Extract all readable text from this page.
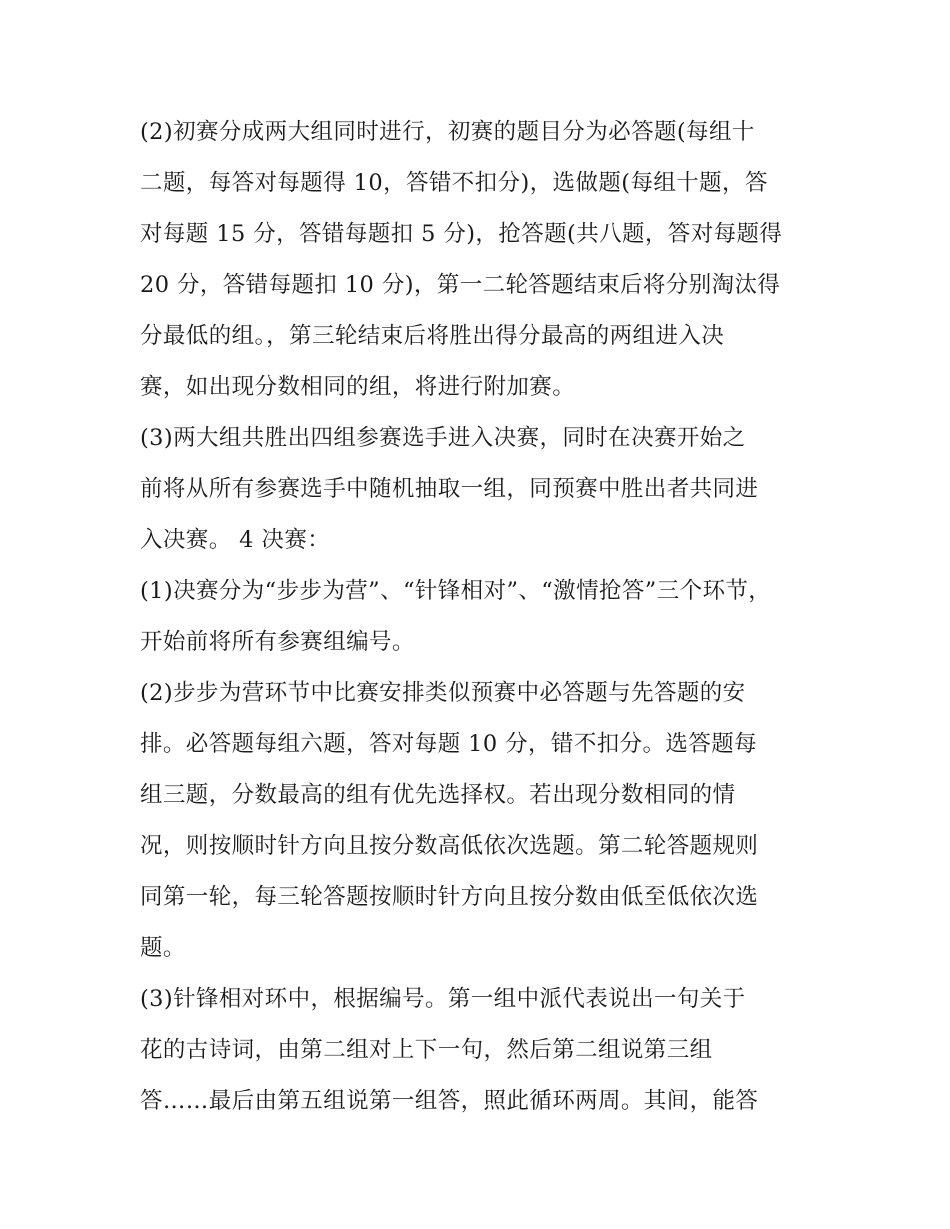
(2)初赛分成两大组同时进行，初赛的题目分为必答题(每组十
二题，每答对每题得 10，答错不扣分)，选做题(每组十题，答
对每题 15 分，答错每题扣 5 分)，抢答题(共八题，答对每题得
20 分，答错每题扣 10 分)，第一二轮答题结束后将分别淘汰得
分最低的组。，第三轮结束后将胜出得分最高的两组进入决
赛，如出现分数相同的组，将进行附加赛。
(3)两大组共胜出四组参赛选手进入决赛，同时在决赛开始之
前将从所有参赛选手中随机抽取一组，同预赛中胜出者共同进
入决赛。 4 决赛：
(1)决赛分为“步步为营”、“针锋相对”、“激情抢答”三个环节，
开始前将所有参赛组编号。
(2)步步为营环节中比赛安排类似预赛中必答题与先答题的安
排。必答题每组六题，答对每题 10 分，错不扣分。选答题每
组三题，分数最高的组有优先选择权。若出现分数相同的情
况，则按顺时针方向且按分数高低依次选题。第二轮答题规则
同第一轮，每三轮答题按顺时针方向且按分数由低至低依次选
题。
(3)针锋相对环中，根据编号。第一组中派代表说出一句关于
花的古诗词，由第二组对上下一句，然后第二组说第三组
答……最后由第五组说第一组答，照此循环两周。其间，能答
